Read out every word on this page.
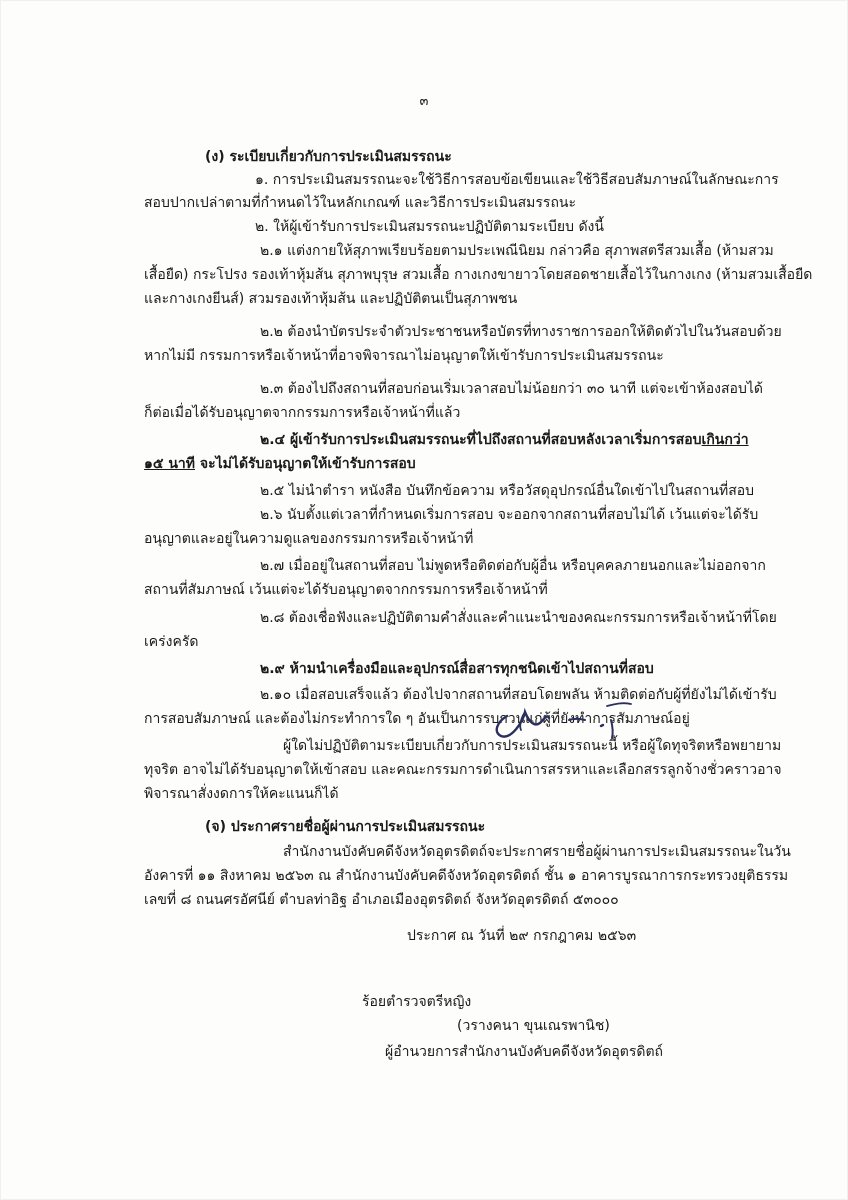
๓
(ง) ระเบียบเกี่ยวกับการประเมินสมรรถนะ
๑. การประเมินสมรรถนะจะใช้วิธีการสอบข้อเขียนและใช้วิธีสอบสัมภาษณ์ในลักษณะการ
สอบปากเปล่าตามที่กำหนดไว้ในหลักเกณฑ์ และวิธีการประเมินสมรรถนะ
๒. ให้ผู้เข้ารับการประเมินสมรรถนะปฏิบัติตามระเบียบ ดังนี้
๒.๑ แต่งกายให้สุภาพเรียบร้อยตามประเพณีนิยม กล่าวคือ สุภาพสตรีสวมเสื้อ (ห้ามสวม
เสื้อยืด) กระโปรง รองเท้าหุ้มส้น สุภาพบุรุษ สวมเสื้อ กางเกงขายาวโดยสอดชายเสื้อไว้ในกางเกง (ห้ามสวมเสื้อยืด
และกางเกงยีนส์) สวมรองเท้าหุ้มส้น และปฏิบัติตนเป็นสุภาพชน
๒.๒ ต้องนำบัตรประจำตัวประชาชนหรือบัตรที่ทางราชการออกให้ติดตัวไปในวันสอบด้วย
หากไม่มี กรรมการหรือเจ้าหน้าที่อาจพิจารณาไม่อนุญาตให้เข้ารับการประเมินสมรรถนะ
๒.๓ ต้องไปถึงสถานที่สอบก่อนเริ่มเวลาสอบไม่น้อยกว่า ๓๐ นาที แต่จะเข้าห้องสอบได้
ก็ต่อเมื่อได้รับอนุญาตจากกรรมการหรือเจ้าหน้าที่แล้ว
๒.๔ ผู้เข้ารับการประเมินสมรรถนะที่ไปถึงสถานที่สอบหลังเวลาเริ่มการสอบเกินกว่า
๑๕ นาที จะไม่ได้รับอนุญาตให้เข้ารับการสอบ
๒.๕ ไม่นำตำรา หนังสือ บันทึกข้อความ หรือวัสดุอุปกรณ์อื่นใดเข้าไปในสถานที่สอบ
๒.๖ นับตั้งแต่เวลาที่กำหนดเริ่มการสอบ จะออกจากสถานที่สอบไม่ได้ เว้นแต่จะได้รับ
อนุญาตและอยู่ในความดูแลของกรรมการหรือเจ้าหน้าที่
๒.๗ เมื่ออยู่ในสถานที่สอบ ไม่พูดหรือติดต่อกับผู้อื่น หรือบุคคลภายนอกและไม่ออกจาก
สถานที่สัมภาษณ์ เว้นแต่จะได้รับอนุญาตจากกรรมการหรือเจ้าหน้าที่
๒.๘ ต้องเชื่อฟังและปฏิบัติตามคำสั่งและคำแนะนำของคณะกรรมการหรือเจ้าหน้าที่โดย
เคร่งครัด
๒.๙ ห้ามนำเครื่องมือและอุปกรณ์สื่อสารทุกชนิดเข้าไปสถานที่สอบ
๒.๑๐ เมื่อสอบเสร็จแล้ว ต้องไปจากสถานที่สอบโดยพลัน ห้ามติดต่อกับผู้ที่ยังไม่ได้เข้ารับ
การสอบสัมภาษณ์ และต้องไม่กระทำการใด ๆ อันเป็นการรบกวนแก่ผู้ที่ยังทำการสัมภาษณ์อยู่
ผู้ใดไม่ปฏิบัติตามระเบียบเกี่ยวกับการประเมินสมรรถนะนี้ หรือผู้ใดทุจริตหรือพยายาม
ทุจริต อาจไม่ได้รับอนุญาตให้เข้าสอบ และคณะกรรมการดำเนินการสรรหาและเลือกสรรลูกจ้างชั่วคราวอาจ
พิจารณาสั่งงดการให้คะแนนก็ได้
(จ) ประกาศรายชื่อผู้ผ่านการประเมินสมรรถนะ
สำนักงานบังคับคดีจังหวัดอุตรดิตถ์จะประกาศรายชื่อผู้ผ่านการประเมินสมรรถนะในวัน
อังคารที่ ๑๑ สิงหาคม ๒๕๖๓ ณ สำนักงานบังคับคดีจังหวัดอุตรดิตถ์ ชั้น ๑ อาคารบูรณาการกระทรวงยุติธรรม
เลขที่ ๘ ถนนศรอัศนีย์ ตำบลท่าอิฐ อำเภอเมืองอุตรดิตถ์ จังหวัดอุตรดิตถ์ ๕๓๐๐๐
ประกาศ ณ วันที่ ๒๙ กรกฎาคม ๒๕๖๓
ร้อยตำรวจตรีหญิง
(วรางคนา ขุนเณรพานิช)
ผู้อำนวยการสำนักงานบังคับคดีจังหวัดอุตรดิตถ์
